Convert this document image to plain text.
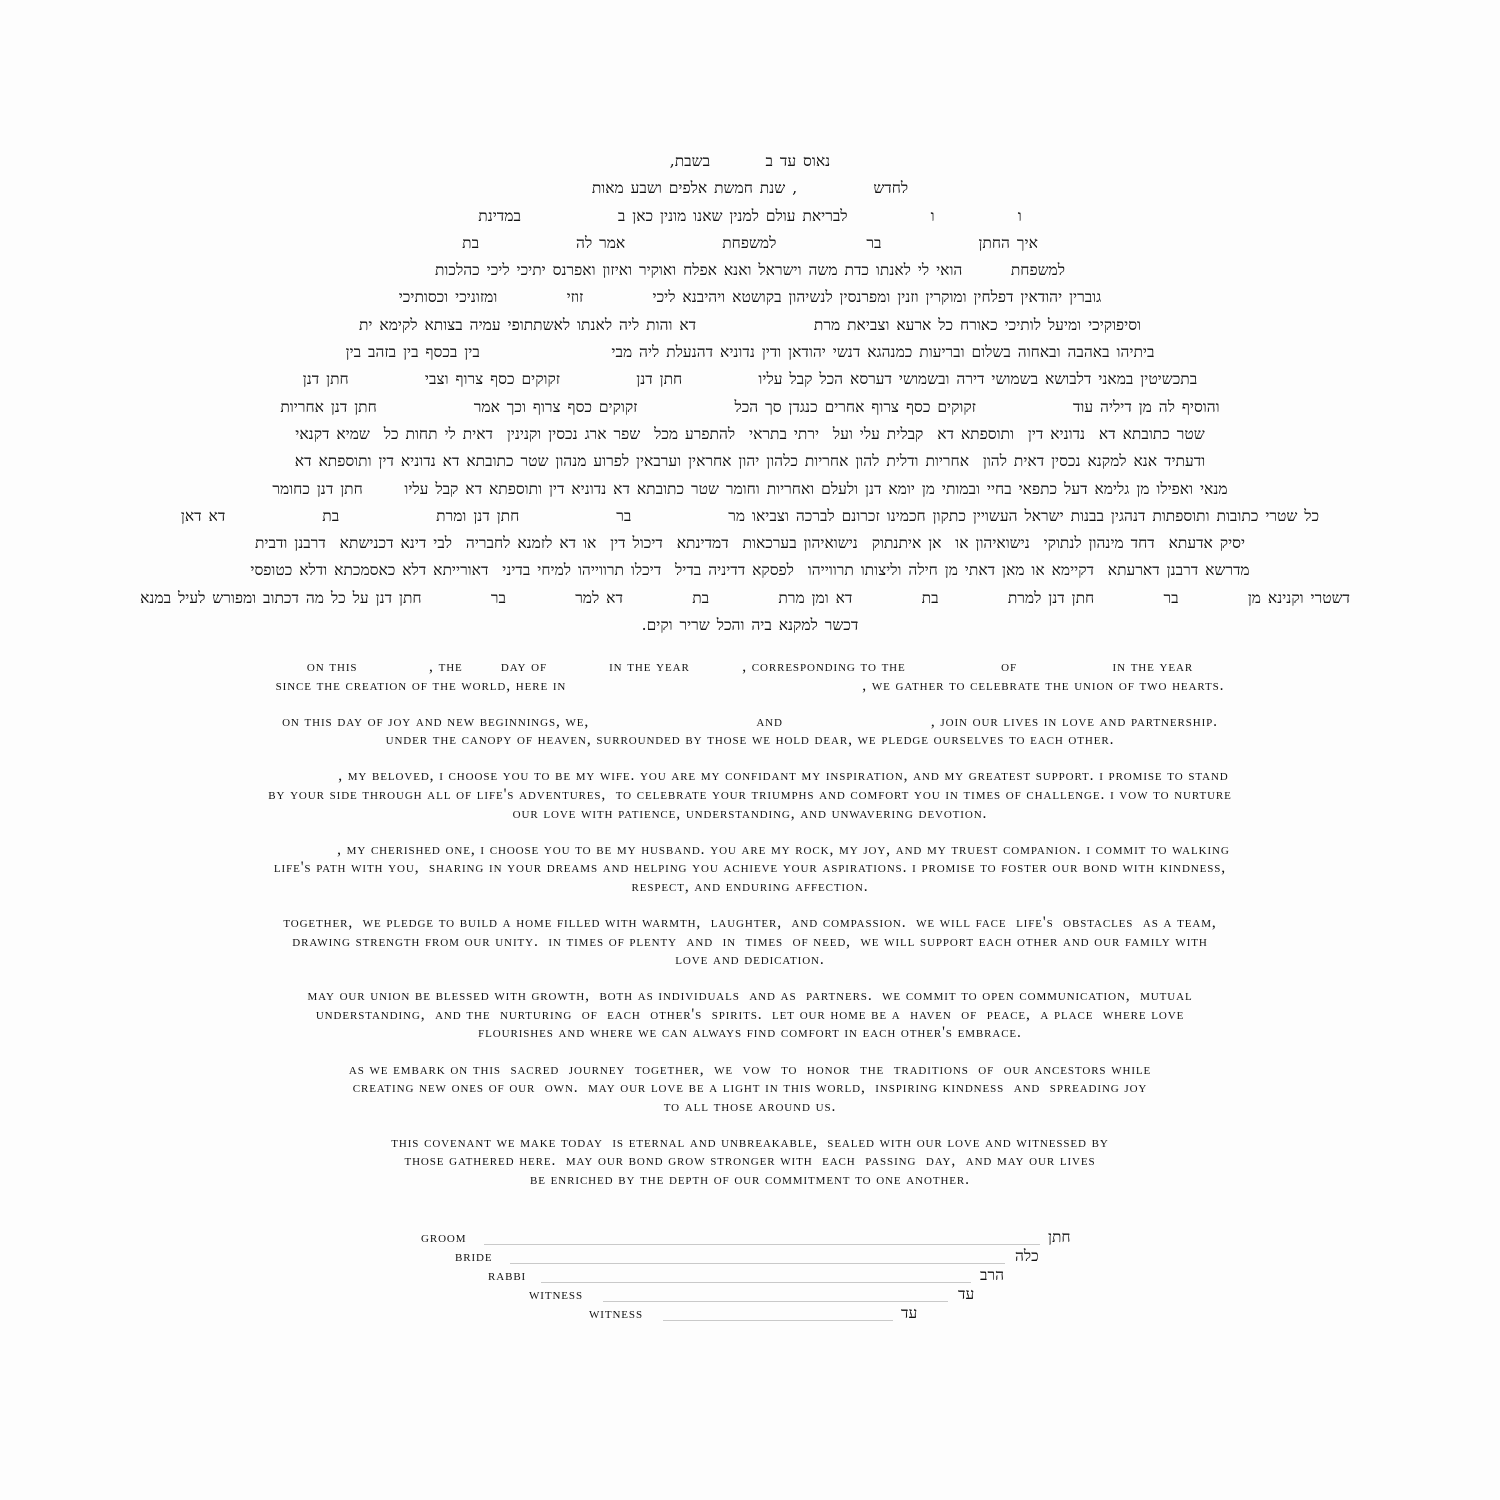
נאוס עד ב        בשבת,
לחדש           , שנת חמשת אלפים ושבע מאות
ו            ו            לבריאת עולם למנין שאנו מונין כאן ב              במדינת
איך החתן              בר             למשפחת              אמר לה              בת
למשפחת       הואי לי לאנתו כדת משה וישראל ואנא אפלח ואוקיר ואיזון ואפרנס יתיכי ליכי כהלכות
גוברין יהודאין דפלחין ומוקרין וזנין ומפרנסין לנשיהון בקושטא ויהיבנא ליכי          זוזי          ומזוניכי וכסותיכי
וסיפוקיכי ומיעל לותיכי כאורח כל ארעא וצביאת מרת                 דא והות ליה לאנתו לאשתתופי עמיה בצותא לקימא ית
ביתיהו באהבה ובאחוה בשלום ובריעות כמנהגא דנשי יהודאן ודין נדוניא דהנעלת ליה מבי                   בין בכסף בין בזהב בין
בתכשיטין במאני דלבושא בשמושי דירה ובשמושי דערסא הכל קבל עליו           חתן דנן           זקוקים כסף צרוף וצבי           חתן דנן
והוסיף לה מן דיליה עוד              זקוקים כסף צרוף אחרים כנגדן סך הכל              זקוקים כסף צרוף וכך אמר              חתן דנן אחריות
שטר כתובתא דא  נדוניא דין  ותוספתא דא  קבלית עלי ועל  ירתי בתראי  להתפרע מכל  שפר ארג נכסין וקנינין  דאית לי תחות כל  שמיא דקנאי
ודעתיד אנא למקנא נכסין דאית להון  אחריות ודלית להון אחריות כלהון יהון אחראין וערבאין לפרוע מנהון שטר כתובתא דא נדוניא דין ותוספתא דא
מנאי ואפילו מן גלימא דעל כתפאי בחיי ובמותי מן יומא דנן ולעלם ואחריות וחומר שטר כתובתא דא נדוניא דין ותוספתא דא קבל עליו      חתן דנן כחומר
כל שטרי כתובות ותוספתות דנהגין בבנות ישראל העשויין כתקון חכמינו זכרונם לברכה וצביאו מר              בר              חתן דנן ומרת              בת              דא דאן
יסיק אדעתא  דחד מינהון לנתוקי  נישואיהון או  אן איתנתוק  נישואיהון בערכאות  דמדינתא  דיכול דין  או דא לזמנא לחבריה  לבי דינא דכנישתא  דרבנן ודבית
מדרשא דרבנן דארעתא  דקיימא או מאן דאתי מן חילה וליצותו תרווייהו  לפסקא דדיניה בדיל  דיכלו תרווייהו למיחי בדיני  דאורייתא דלא כאסמכתא ודלא כטופסי
דשטרי וקנינא מן          בר          חתן דנן למרת          בת          דא ומן מרת          בת          דא למר          בר          חתן דנן על כל מה דכתוב ומפורש לעיל במנא
דכשר למקנא ביה והכל שריר וקים.
on this               , the        day of             in the year           , corresponding to the                    of                    in the year
since the creation of the world, here in                                                              , we gather to celebrate the union of two hearts.
on this day of joy and new beginnings, we,                                   and                               , join our lives in love and partnership.
under the canopy of heaven, surrounded by those we hold dear, we pledge ourselves to each other.
, my beloved, i choose you to be my wife. you are my confidant my inspiration, and my greatest support. i promise to stand
by your side through all of life's adventures,  to celebrate your triumphs and comfort you in times of challenge. i vow to nurture
our love with patience, understanding, and unwavering devotion.
, my cherished one, i choose you to be my husband. you are my rock, my joy, and my truest companion. i commit to walking
life's path with you,  sharing in your dreams and helping you achieve your aspirations. i promise to foster our bond with kindness,
respect, and enduring affection.
together,  we pledge to build a home filled with warmth,  laughter,  and compassion.  we will face  life's  obstacles  as a team,
drawing strength from our unity.  in times of plenty  and  in  times  of need,  we will support each other and our family with
love and dedication.
may our union be blessed with growth,  both as individuals  and as  partners.  we commit to open communication,  mutual
understanding,  and the  nurturing  of  each  other's  spirits.  let our home be a  haven  of  peace,  a place  where love
flourishes and where we can always find comfort in each other's embrace.
as we embark on this  sacred  journey  together,  we  vow  to  honor  the  traditions  of  our ancestors while
creating new ones of our  own.  may our love be a light in this world,  inspiring kindness  and  spreading joy
to all those around us.
this covenant we make today  is eternal and unbreakable,  sealed with our love and witnessed by
those gathered here.  may our bond grow stronger with  each  passing  day,  and may our lives
be enriched by the depth of our commitment to one another.
groom	חתן
bride	כלה
rabbi	הרב
witness	עד
witness	עד
